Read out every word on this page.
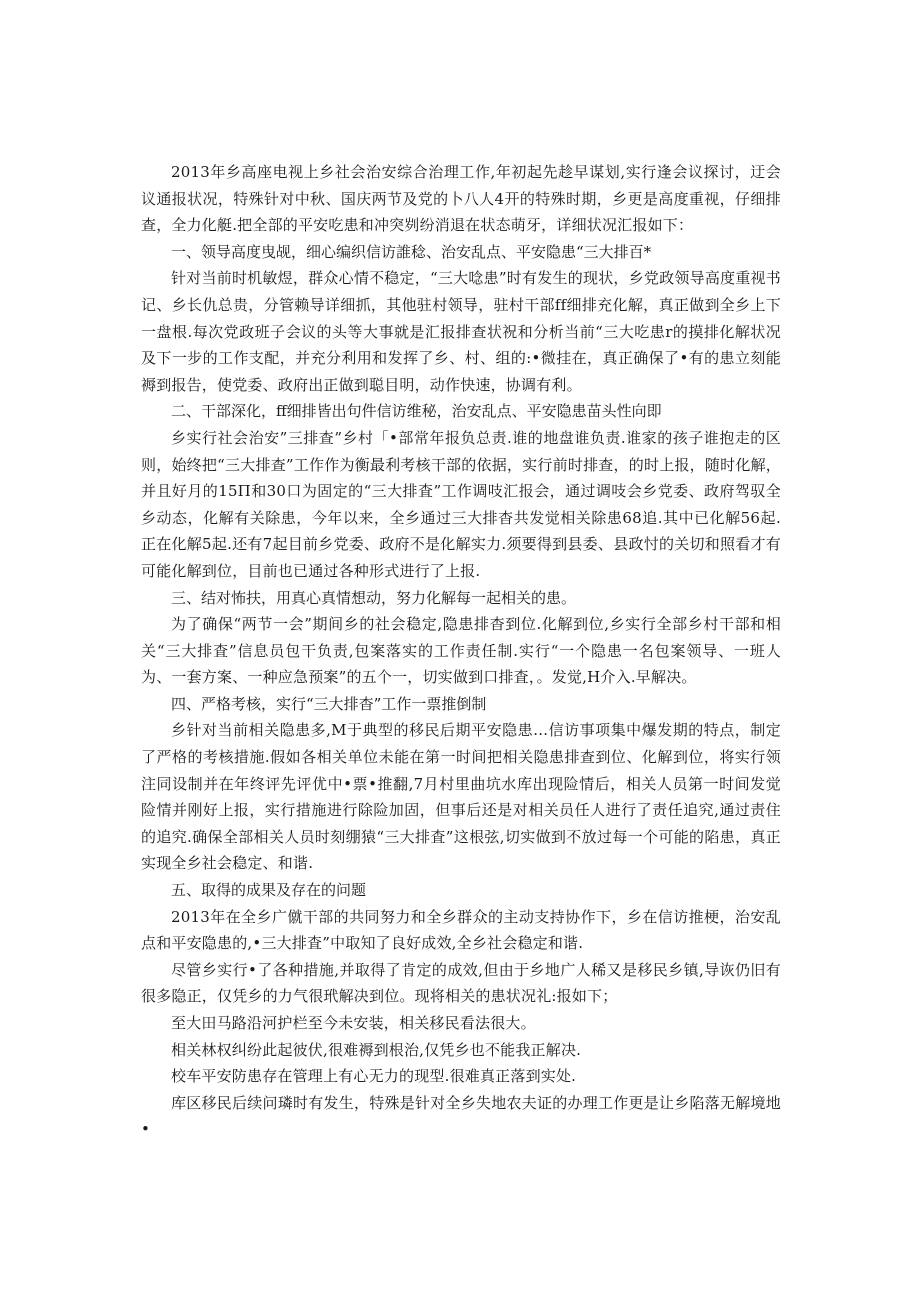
2013年乡高座电视上乡社会治安综合治理工作,年初起先趁早谋划,实行逢会议探讨，迂会议通报状况，特殊针对中秋、国庆两节及党的卜八人4开的特殊时期，乡更是高度重视，仔细排查，全力化艇.把全部的平安吃患和冲突刿纷消退在状态萌牙，详细状况汇报如下：

一、领导高度曳觇，细心编织信访誰稔、治安乱点、平安隐患“三大排百*

针对当前时机敏煜，群众心情不稳定，“三大唸患”时有发生的现状，乡党政领导高度重视书记、乡长仇总贵，分管赖导详细抓，其他驻村领导，驻村干部ff细排充化解，真正做到全乡上下一盘根.每次党政班子会议的头等大事就是汇报排查状祝和分析当前“三大吃患r的摸排化解状况及下一步的工作支配，并充分利用和发挥了乡、村、组的:•微挂在，真正确保了•有的患立刻能褥到报告，使党委、政府出正做到聪目明，动作快速，协调有利。

二、干部深化，ff细排皆出句件信访维秘，治安乱点、平安隐患苗头性向即

乡实行社会治安”三排查”乡村「•部常年报负总责.谁的地盘谁负责.谁家的孩子谁抱走的区则，始终把“三大排查”工作作为衡最利考核干部的依据，实行前时排查，的时上报，随时化解，并且好月的15Π和30口为固定的“三大排査”工作调吱汇报会，通过调吱会乡党委、政府驾驭全乡动态，化解有关除患，今年以来，全乡通过三大排杳共发觉相关除患68追.其中已化解56起.正在化解5起.还有7起目前乡党委、政府不是化解实力.须要得到县委、县政忖的关切和照看才有可能化解到位，目前也已通过各种形式进行了上报.

三、结对怖扶，用真心真情想动，努力化解每一起相关的患。

为了确保“两节一会”期间乡的社会稳定,隐患排杳到位.化解到位,乡实行全部乡村干部和相关“三大排査”信息员包干负责,包案落实的工作责任制.实行“一个隐患一名包案领导、一班人为、一套方案、一种应急预案”的五个一，切实做到口排査，。发觉,H介入.早解决。

四、严格考核，实行“三大排杳”工作一票推倒制

乡针对当前相关隐患多,M于典型的移民后期平安隐患…信访事项集中爆发期的特点，制定了严格的考核措施.假如各相关单位未能在第一时间把相关隐患排查到位、化解到位，将实行领注同设制并在年终评先评优中•票•推翻,7月村里曲坑水库出现险情后，相关人员第一时间发觉险情并刚好上报，实行措施进行除险加固，但事后还是对相关员任人进行了责任追究,通过责住的追究.确保全部相关人员时刻绷猿“三大排査”这根弦,切实做到不放过每一个可能的陷患，真正实现全乡社会稳定、和谐.

五、取得的成果及存在的问题

2013年在全乡广僦干部的共同努力和全乡群众的主动支持协作下，乡在信访推梗，治安乱点和平安隐患的,•三大排査”中取知了良好成效,全乡社会稳定和谐.

尽管乡实行•了各种措施,并取得了肯定的成效,但由于乡地广人稀又是移民乡镇,导诙仍旧有很多隐正，仅凭乡的力气很玳解决到位。现将相关的患状况礼:报如下；

至大田马路沿河护栏至今未安装，相关移民看法很大。

相关林权纠纷此起彼伏,很难褥到根治,仅凭乡也不能我正解决.

校车平安防患存在管理上有心无力的现型.很难真正落到实处.

库区移民后续问璘时有发生，特殊是针对全乡失地农夫证的办理工作更是让乡陷落无解境地•
